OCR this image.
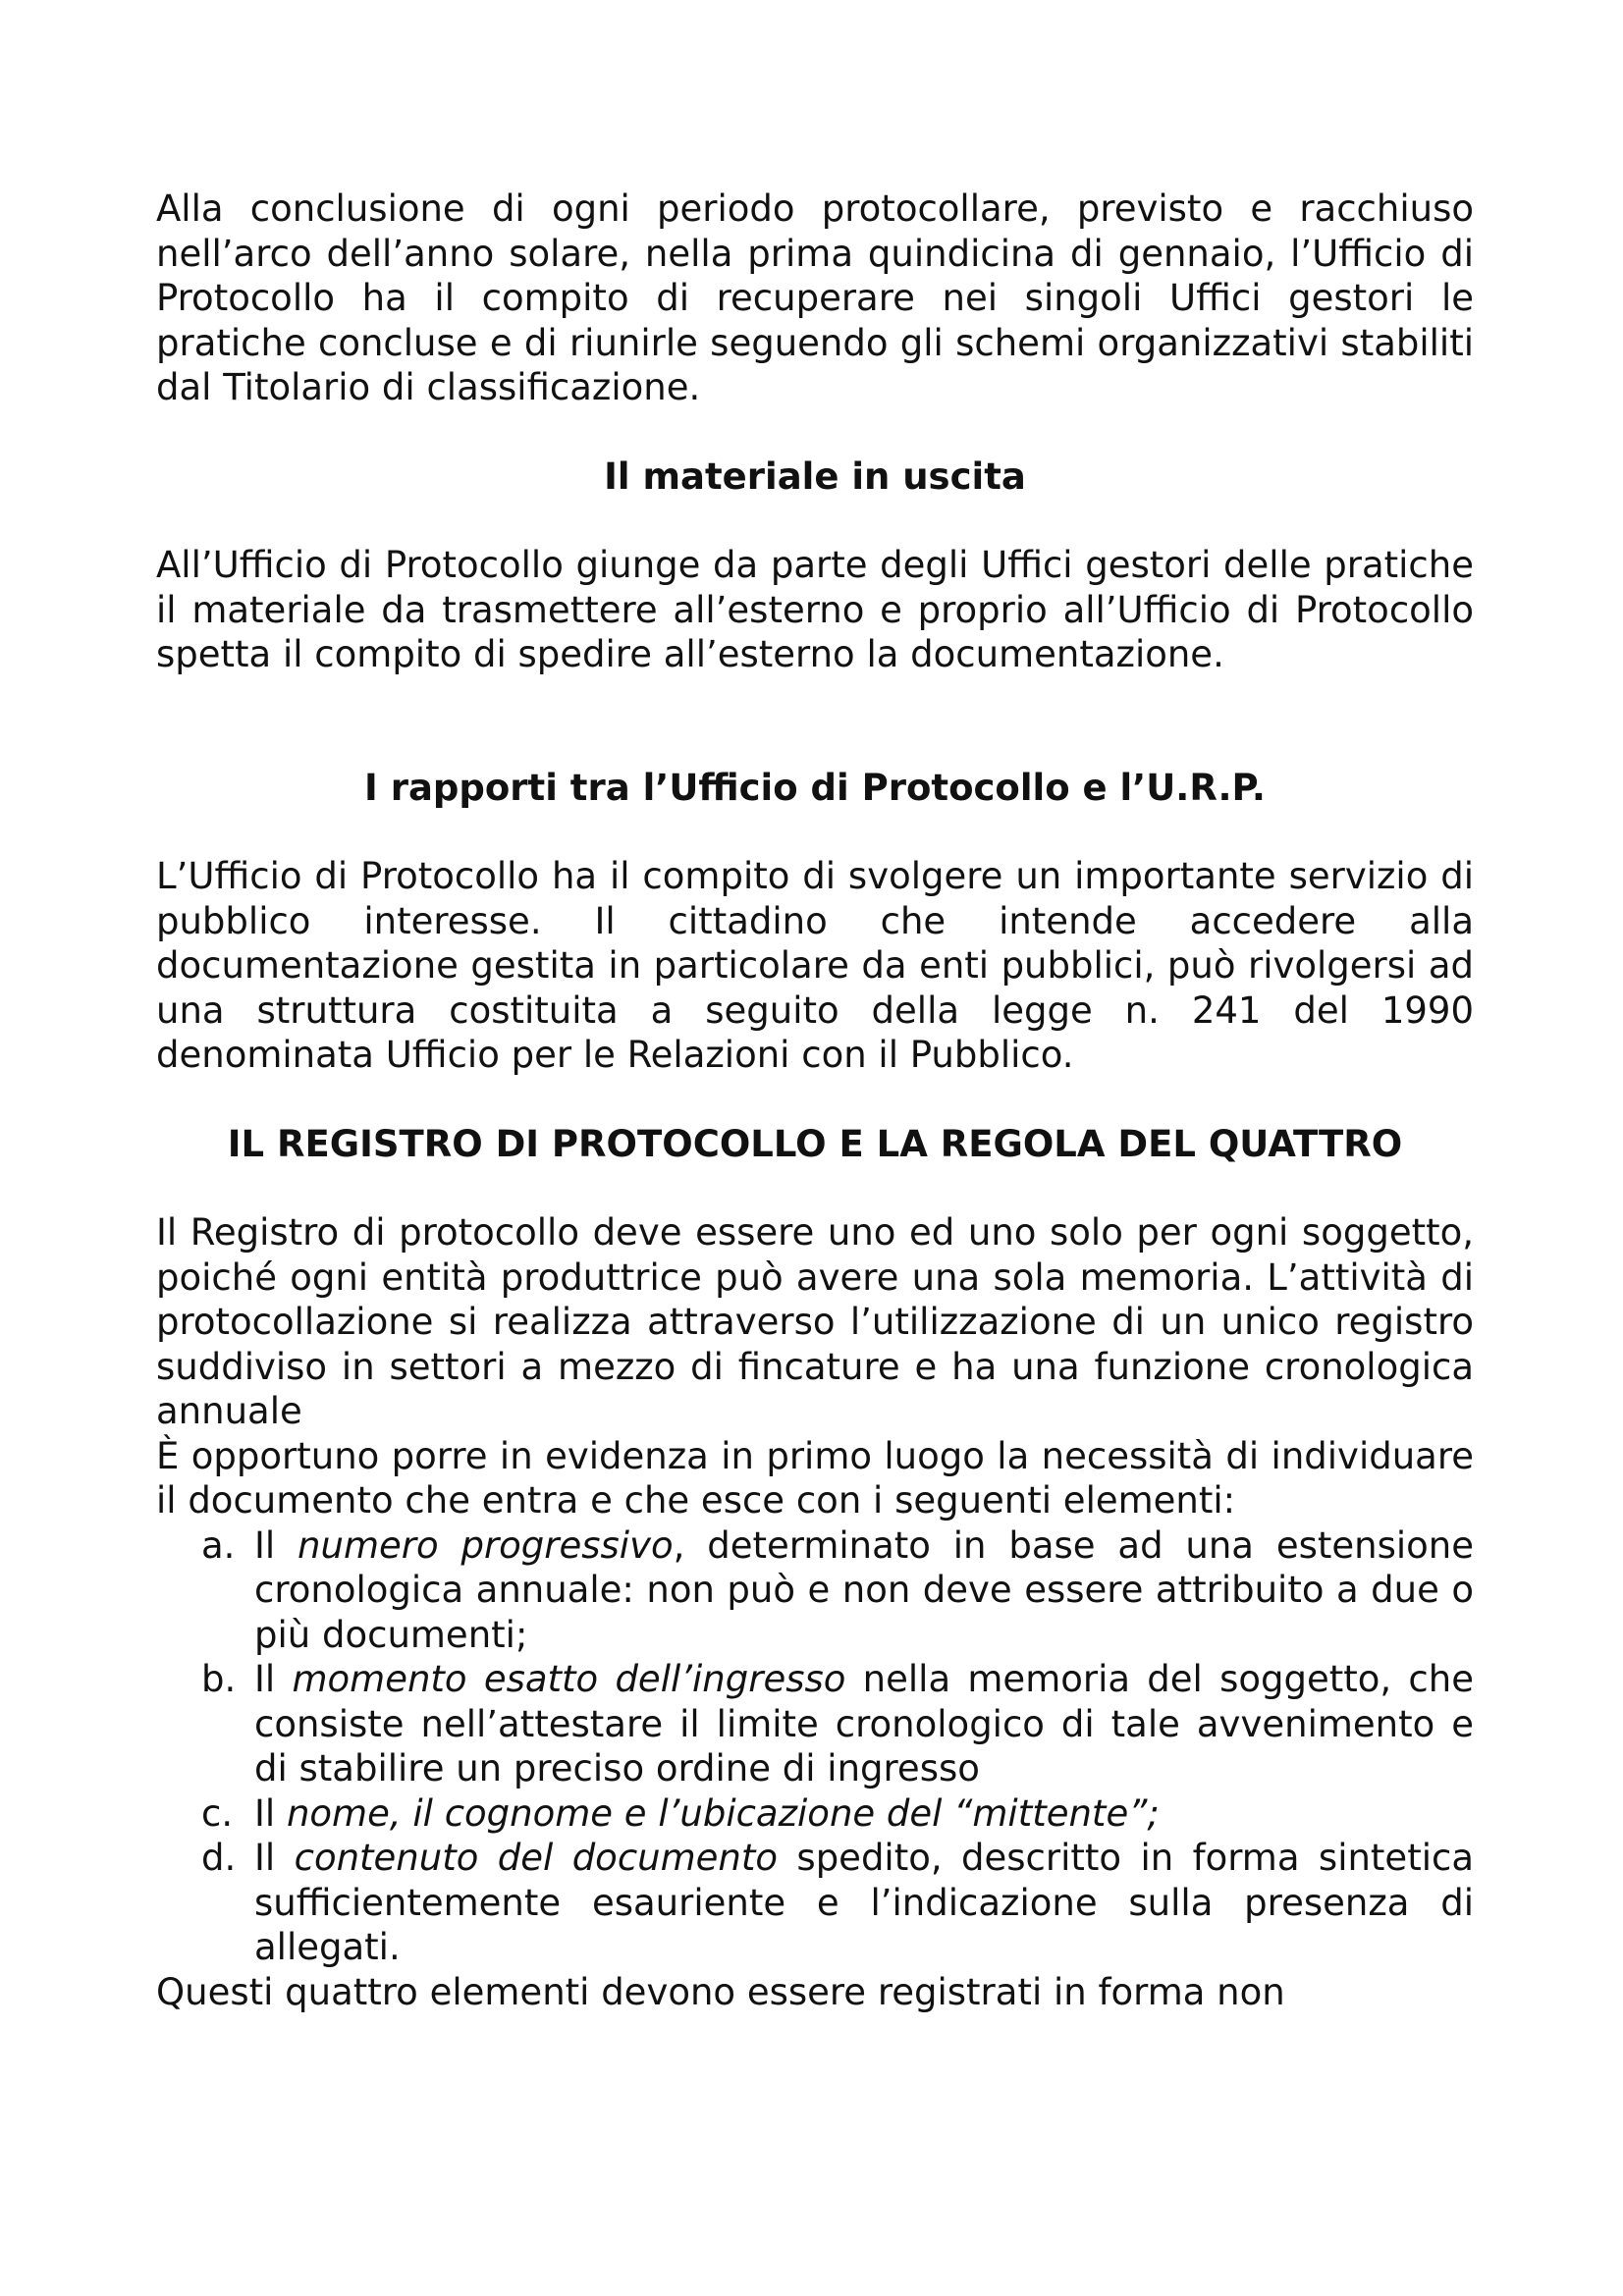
Alla conclusione di ogni periodo protocollare, previsto e racchiuso nell’arco dell’anno solare, nella prima quindicina di gennaio, l’Ufficio di Protocollo ha il compito di recuperare nei singoli Uffici gestori le pratiche concluse e di riunirle seguendo gli schemi organizzativi stabiliti dal Titolario di classificazione.

Il materiale in uscita

All’Ufficio di Protocollo giunge da parte degli Uffici gestori delle pratiche il materiale da trasmettere all’esterno e proprio all’Ufficio di Protocollo spetta il compito di spedire all’esterno la documentazione.

I rapporti tra l’Ufficio di Protocollo e l’U.R.P.

L’Ufficio di Protocollo ha il compito di svolgere un importante servizio di pubblico interesse. Il cittadino che intende accedere alla documentazione gestita in particolare da enti pubblici, può rivolgersi ad una struttura costituita a seguito della legge n. 241 del 1990 denominata Ufficio per le Relazioni con il Pubblico.

IL REGISTRO DI PROTOCOLLO E LA REGOLA DEL QUATTRO

Il Registro di protocollo deve essere uno ed uno solo per ogni soggetto, poiché ogni entità produttrice può avere una sola memoria. L’attività di protocollazione si realizza attraverso l’utilizzazione di un unico registro suddiviso in settori a mezzo di fincature e ha una funzione cronologica annuale

È opportuno porre in evidenza in primo luogo la necessità di individuare il documento che entra e che esce con i seguenti elementi:

a. Il numero progressivo, determinato in base ad una estensione cronologica annuale: non può e non deve essere attribuito a due o più documenti;
b. Il momento esatto dell’ingresso nella memoria del soggetto, che consiste nell’attestare il limite cronologico di tale avvenimento e di stabilire un preciso ordine di ingresso
c. Il nome, il cognome e l’ubicazione del “mittente”;
d. Il contenuto del documento spedito, descritto in forma sintetica sufficientemente esauriente e l’indicazione sulla presenza di allegati.

Questi quattro elementi devono essere registrati in forma non
